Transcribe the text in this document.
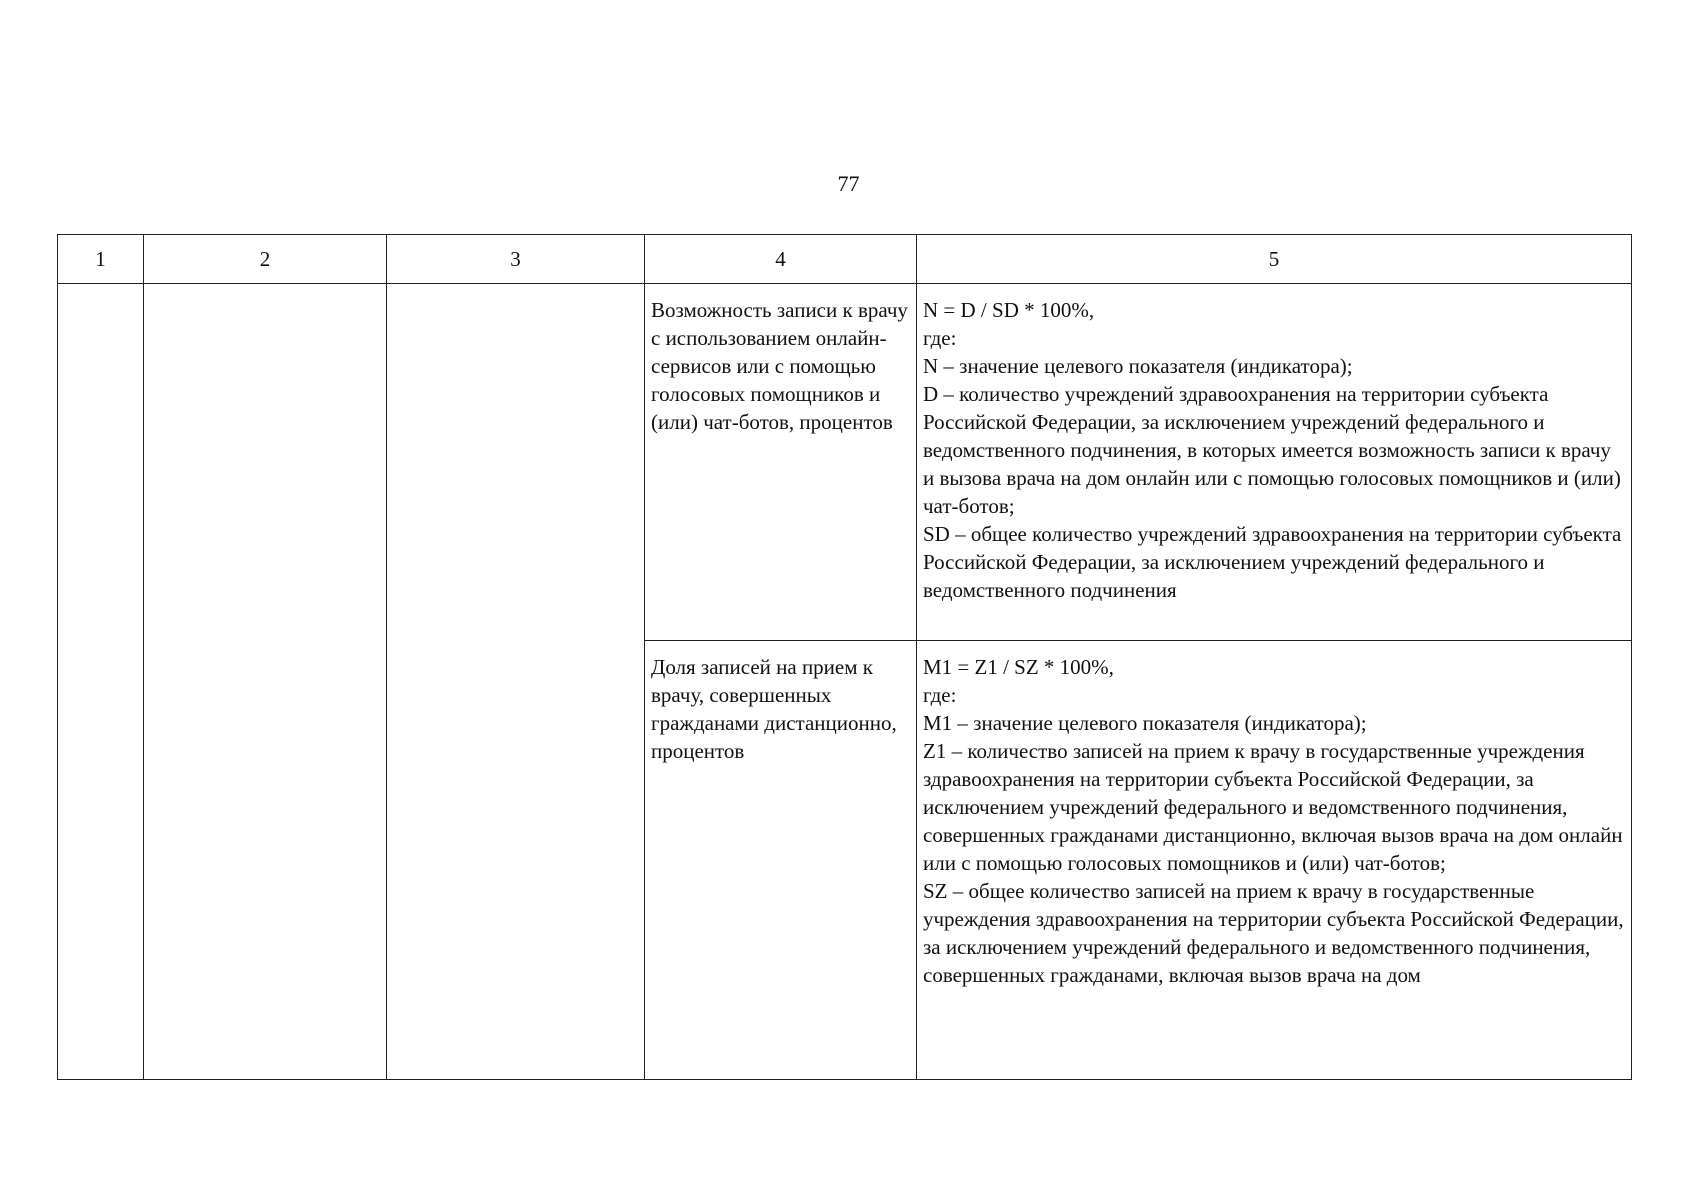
77
1	2	3	4	5

			Возможность записи к врачу с использованием онлайн-сервисов или с помощью голосовых помощников и (или) чат-ботов, процентов	N = D / SD * 100%,
где:
N – значение целевого показателя (индикатора);
D – количество учреждений здравоохранения на территории субъекта Российской Федерации, за исключением учреждений федерального и ведомственного подчинения, в которых имеется возможность записи к врачу и вызова врача на дом онлайн или с помощью голосовых помощников и (или) чат-ботов;
SD – общее количество учреждений здравоохранения на территории субъекта Российской Федерации, за исключением учреждений федерального и ведомственного подчинения

			Доля записей на прием к врачу, совершенных гражданами дистанционно, процентов	M1 = Z1 / SZ * 100%,
где:
M1 – значение целевого показателя (индикатора);
Z1 – количество записей на прием к врачу в государственные учреждения здравоохранения на территории субъекта Российской Федерации, за исключением учреждений федерального и ведомственного подчинения, совершенных гражданами дистанционно, включая вызов врача на дом онлайн или с помощью голосовых помощников и (или) чат-ботов;
SZ – общее количество записей на прием к врачу в государственные учреждения здравоохранения на территории субъекта Российской Федерации, за исключением учреждений федерального и ведомственного подчинения, совершенных гражданами, включая вызов врача на дом
